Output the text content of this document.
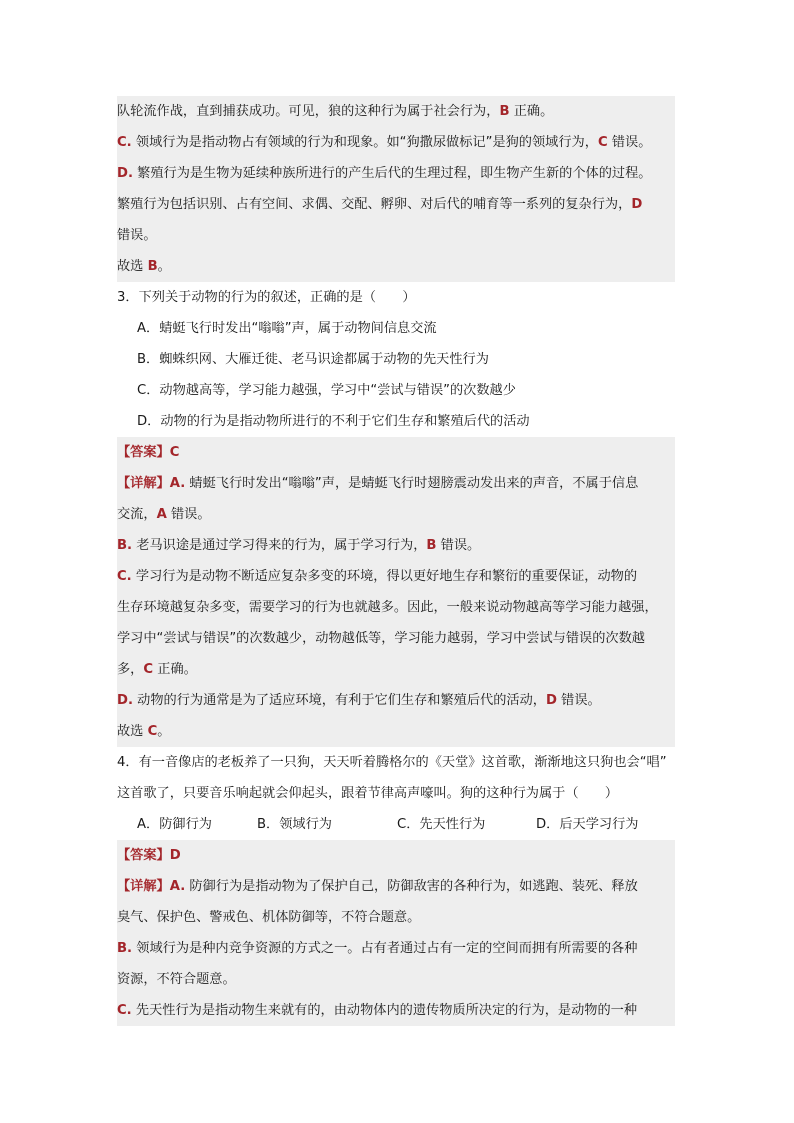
队轮流作战，直到捕获成功。可见，狼的这种行为属于社会行为，B 正确。
C. 领域行为是指动物占有领域的行为和现象。如“狗撒尿做标记”是狗的领域行为，C 错误。
D. 繁殖行为是生物为延续种族所进行的产生后代的生理过程，即生物产生新的个体的过程。
繁殖行为包括识别、占有空间、求偶、交配、孵卵、对后代的哺育等一系列的复杂行为，D
错误。
故选 B。
3．下列关于动物的行为的叙述，正确的是（　　）
A．蜻蜓飞行时发出“嗡嗡”声，属于动物间信息交流
B．蜘蛛织网、大雁迁徙、老马识途都属于动物的先天性行为
C．动物越高等，学习能力越强，学习中“尝试与错误”的次数越少
D．动物的行为是指动物所进行的不利于它们生存和繁殖后代的活动
【答案】C
【详解】A. 蜻蜓飞行时发出“嗡嗡”声，是蜻蜓飞行时翅膀震动发出来的声音，不属于信息
交流，A 错误。
B. 老马识途是通过学习得来的行为，属于学习行为，B 错误。
C. 学习行为是动物不断适应复杂多变的环境，得以更好地生存和繁衍的重要保证，动物的
生存环境越复杂多变，需要学习的行为也就越多。因此，一般来说动物越高等学习能力越强，
学习中“尝试与错误”的次数越少，动物越低等，学习能力越弱，学习中尝试与错误的次数越
多，C 正确。
D. 动物的行为通常是为了适应环境，有利于它们生存和繁殖后代的活动，D 错误。
故选 C。
4．有一音像店的老板养了一只狗，天天听着腾格尔的《天堂》这首歌，渐渐地这只狗也会“唱”
这首歌了，只要音乐响起就会仰起头，跟着节律高声嚎叫。狗的这种行为属于（　　）
A．防御行为	B．领域行为	C．先天性行为	D．后天学习行为
【答案】D
【详解】A. 防御行为是指动物为了保护自己，防御敌害的各种行为，如逃跑、装死、释放
臭气、保护色、警戒色、机体防御等，不符合题意。
B. 领域行为是种内竞争资源的方式之一。占有者通过占有一定的空间而拥有所需要的各种
资源，不符合题意。
C. 先天性行为是指动物生来就有的，由动物体内的遗传物质所决定的行为，是动物的一种
